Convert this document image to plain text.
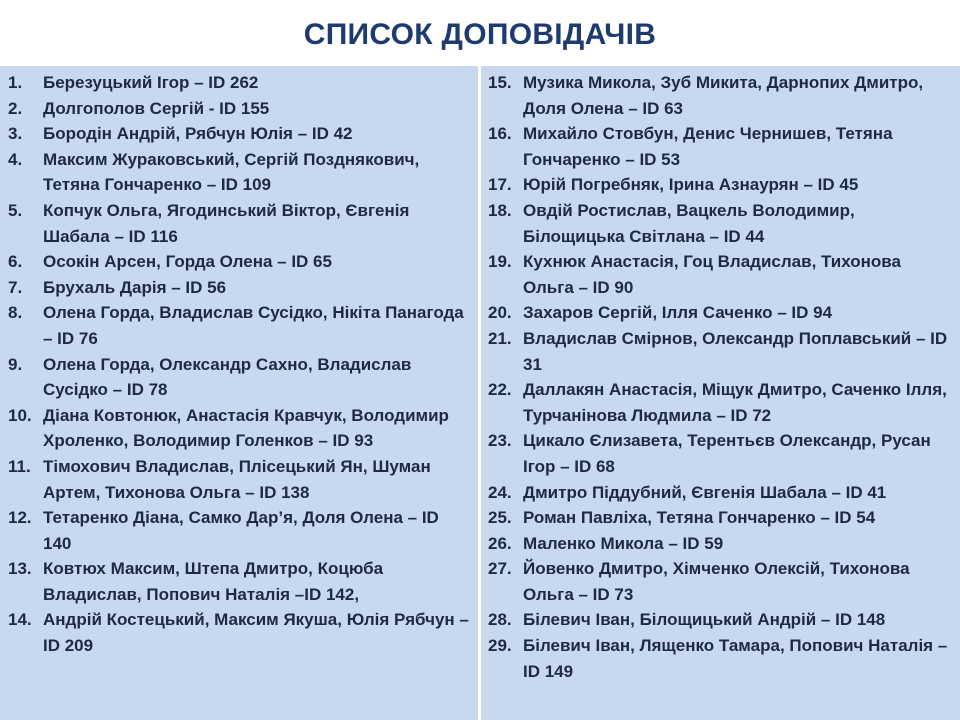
СПИСОК ДОПОВІДАЧІВ
1.	Березуцький Ігор – ID 262
2.	Долгополов Сергій - ID 155
3.	Бородін Андрій, Рябчун Юлія – ID 42
4.	Максим Жураковський, Сергій Позднякович, Тетяна Гончаренко – ID 109
5.	Копчук Ольга, Ягодинський Віктор, Євгенія Шабала – ID 116
6.	Осокін Арсен, Горда Олена – ID 65
7.	Брухаль Дарія – ID 56
8.	Олена Горда, Владислав Сусідко, Нікіта Панагода – ID 76
9.	Олена Горда, Олександр Сахно, Владислав Сусідко – ID 78
10. Діана Ковтонюк, Анастасія Кравчук, Володимир Хроленко, Володимир Голенков – ID 93
11. Тімохович Владислав, Плісецький Ян, Шуман Артем, Тихонова Ольга – ID 138
12. Тетаренко Діана, Самко Дар’я, Доля Олена – ID 140
13. Ковтюх Максим, Штепа Дмитро, Коцюба Владислав, Попович Наталія –ID 142,
14. Андрій Костецький, Максим Якуша, Юлія Рябчун – ID 209
15. Музика Микола, Зуб Микита, Дарнопих Дмитро, Доля Олена – ID 63
16. Михайло Стовбун, Денис Чернишев, Тетяна Гончаренко – ID 53
17. Юрій Погребняк, Ірина Азнаурян – ID 45
18. Овдій Ростислав, Вацкель Володимир, Білощицька Світлана – ID 44
19. Кухнюк Анастасія, Гоц Владислав, Тихонова Ольга – ID 90
20. Захаров Сергій, Ілля Саченко – ID 94
21. Владислав Смірнов, Олександр Поплавський – ID 31
22. Даллакян Анастасія, Міщук Дмитро, Саченко Ілля, Турчанінова Людмила – ID 72
23. Цикало Єлизавета, Терентьєв Олександр, Русан Ігор – ID 68
24. Дмитро Піддубний, Євгенія Шабала – ID 41
25. Роман Павліха, Тетяна Гончаренко – ID 54
26. Маленко Микола – ID 59
27. Йовенко Дмитро, Хімченко Олексій, Тихонова Ольга – ID 73
28. Білевич Іван, Білощицький Андрій – ID 148
29. Білевич Іван, Лященко Тамара, Попович Наталія – ID 149
